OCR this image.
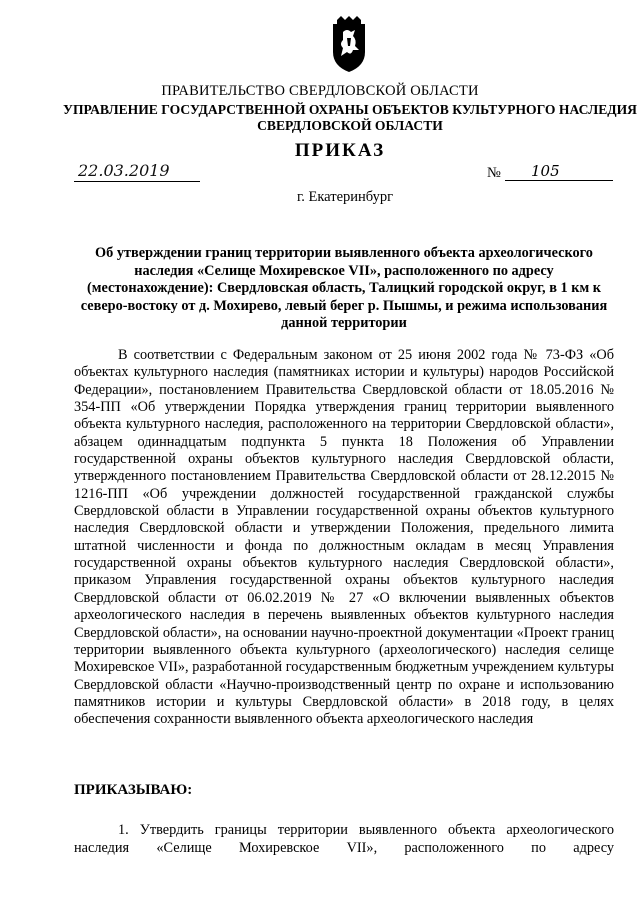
ПРАВИТЕЛЬСТВО СВЕРДЛОВСКОЙ ОБЛАСТИ
УПРАВЛЕНИЕ ГОСУДАРСТВЕННОЙ ОХРАНЫ ОБЪЕКТОВ КУЛЬТУРНОГО НАСЛЕДИЯ СВЕРДЛОВСКОЙ ОБЛАСТИ
ПРИКАЗ
22.03.2019	№	105
г. Екатеринбург
Об утверждении границ территории выявленного объекта археологического наследия «Селище Мохиревское VII», расположенного по адресу (местонахождение): Свердловская область, Талицкий городской округ, в 1 км к северо-востоку от д. Мохирево, левый берег р. Пышмы, и режима использования данной территории
В соответствии с Федеральным законом от 25 июня 2002 года № 73-ФЗ «Об объектах культурного наследия (памятниках истории и культуры) народов Российской Федерации», постановлением Правительства Свердловской области от 18.05.2016 № 354-ПП «Об утверждении Порядка утверждения границ территории выявленного объекта культурного наследия, расположенного на территории Свердловской области», абзацем одиннадцатым подпункта 5 пункта 18 Положения об Управлении государственной охраны объектов культурного наследия Свердловской области, утвержденного постановлением Правительства Свердловской области от 28.12.2015 № 1216-ПП «Об учреждении должностей государственной гражданской службы Свердловской области в Управлении государственной охраны объектов культурного наследия Свердловской области и утверждении Положения, предельного лимита штатной численности и фонда по должностным окладам в месяц Управления государственной охраны объектов культурного наследия Свердловской области», приказом Управления государственной охраны объектов культурного наследия Свердловской области от 06.02.2019 № 27 «О включении выявленных объектов археологического наследия в перечень выявленных объектов культурного наследия Свердловской области», на основании научно-проектной документации «Проект границ территории выявленного объекта культурного (археологического) наследия селище Мохиревское VII», разработанной государственным бюджетным учреждением культуры Свердловской области «Научно-производственный центр по охране и использованию памятников истории и культуры Свердловской области» в 2018 году, в целях обеспечения сохранности выявленного объекта археологического наследия
ПРИКАЗЫВАЮ:
1. Утвердить границы территории выявленного объекта археологического наследия «Селище Мохиревское VII», расположенного по адресу
